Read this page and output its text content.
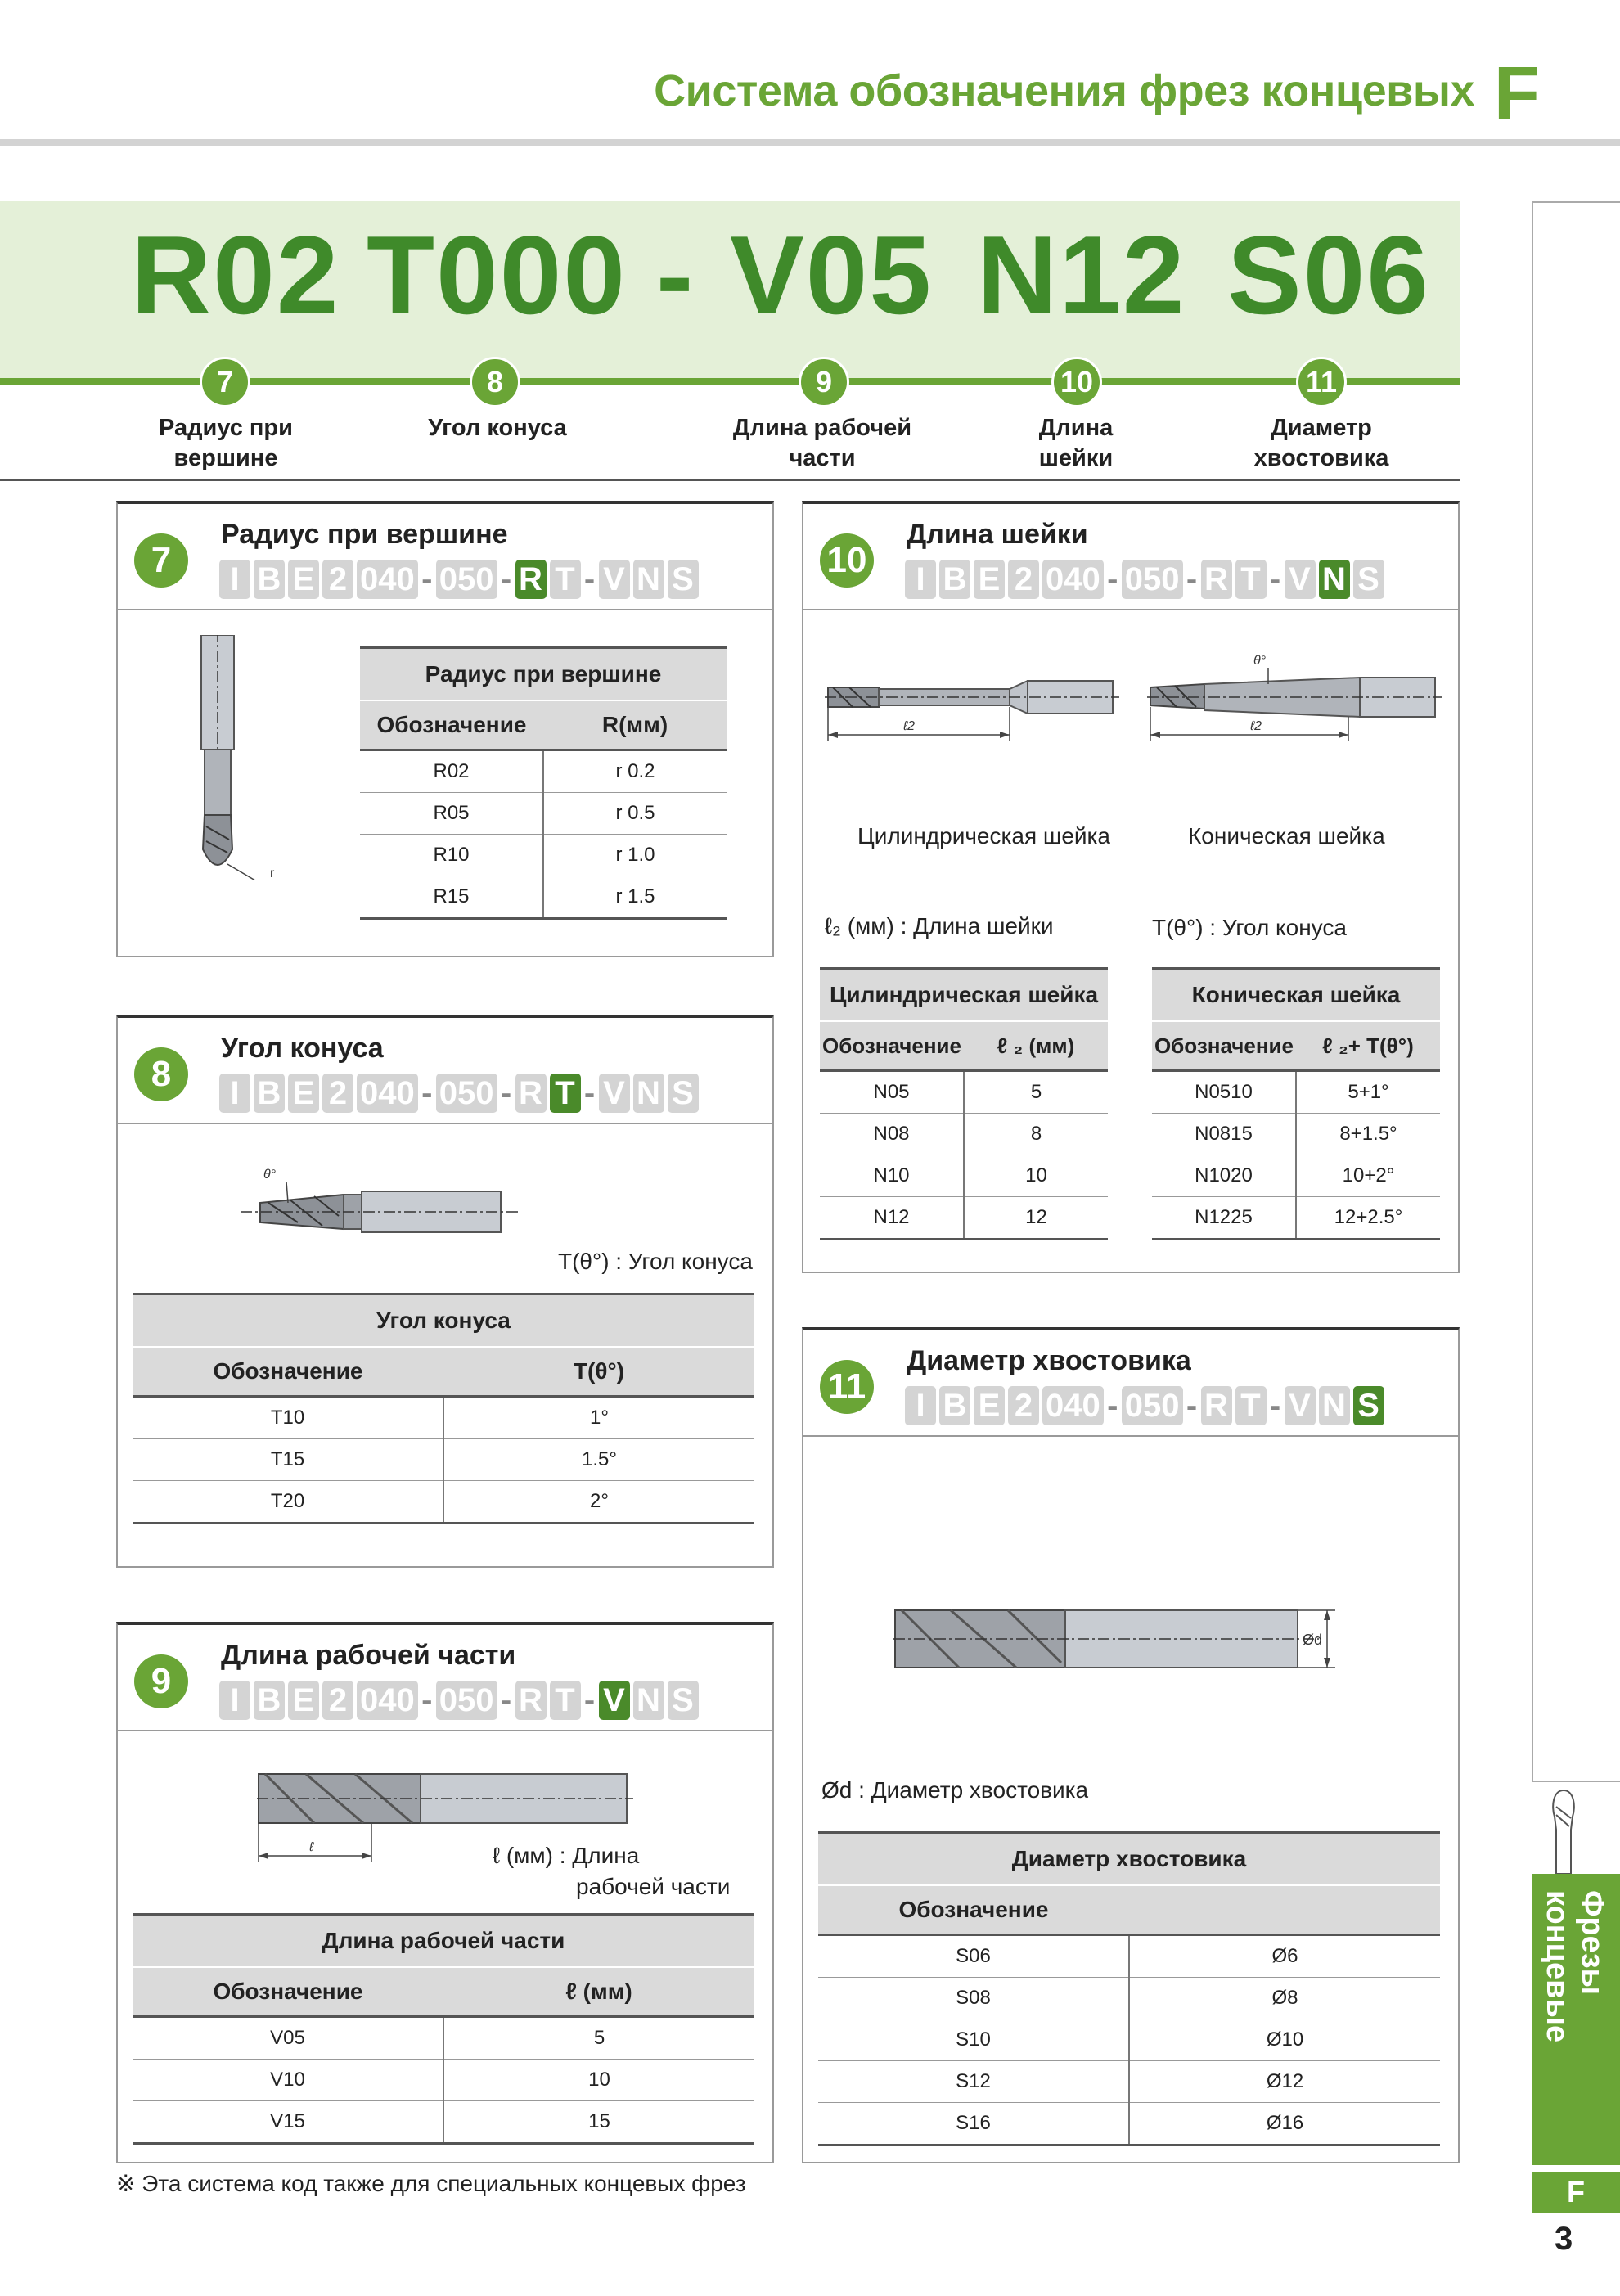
Система обозначения фрез концевых F
R02 T000 - V05 N12 S06
7	8	9	10	11
Радиус при вершине
Угол конуса	Длина рабочей части
Длина шейки
Диаметр хвостовика
Фрезы концевые
F
3
7
Радиус при вершине
I B E 2 040 - 050 - R T - V N S
r
Радиус при вершине	
Обозначение	R(мм)
R02	r 0.2
R05	r 0.5
R10	r 1.0
R15	r 1.5
8
Угол конуса
I B E 2 040 - 050 - R T - V N S
θ°
T(θ°) : Угол конуса
Угол конуса	
Обозначение	T(θ°)
T10	1°
T15	1.5°
T20	2°
9
Длина рабочей части
I B E 2 040 - 050 - R T - V N S
ℓ	ℓ (мм) : Длина
рабочей части
Длина рабочей части	
Обозначение	ℓ (мм)
V05	5
V10	10
V15	15
10
Длина шейки
I B E 2 040 - 050 - R T - V N S
ℓ2
θ°
ℓ2
Цилиндрическая шейка	Коническая шейка
ℓ₂ (мм) : Длина шейки	T(θ°) : Угол конуса
Цилиндрическая шейка	
Обозначение	ℓ ₂ (мм)
N05	5
N08	8
N10	10
N12	12
Коническая шейка	
Обозначение	ℓ ₂+ T(θ°)
N0510	5+1°
N0815	8+1.5°
N1020	10+2°
N1225	12+2.5°
11
Диаметр хвостовика
I B E 2 040 - 050 - R T - V N S
Ød
Ød : Диаметр хвостовика
Диаметр хвостовика	
Обозначение	
S06	Ø6
S08	Ø8
S10	Ø10
S12	Ø12
S16	Ø16
※ Эта система код также для специальных концевых фрез
